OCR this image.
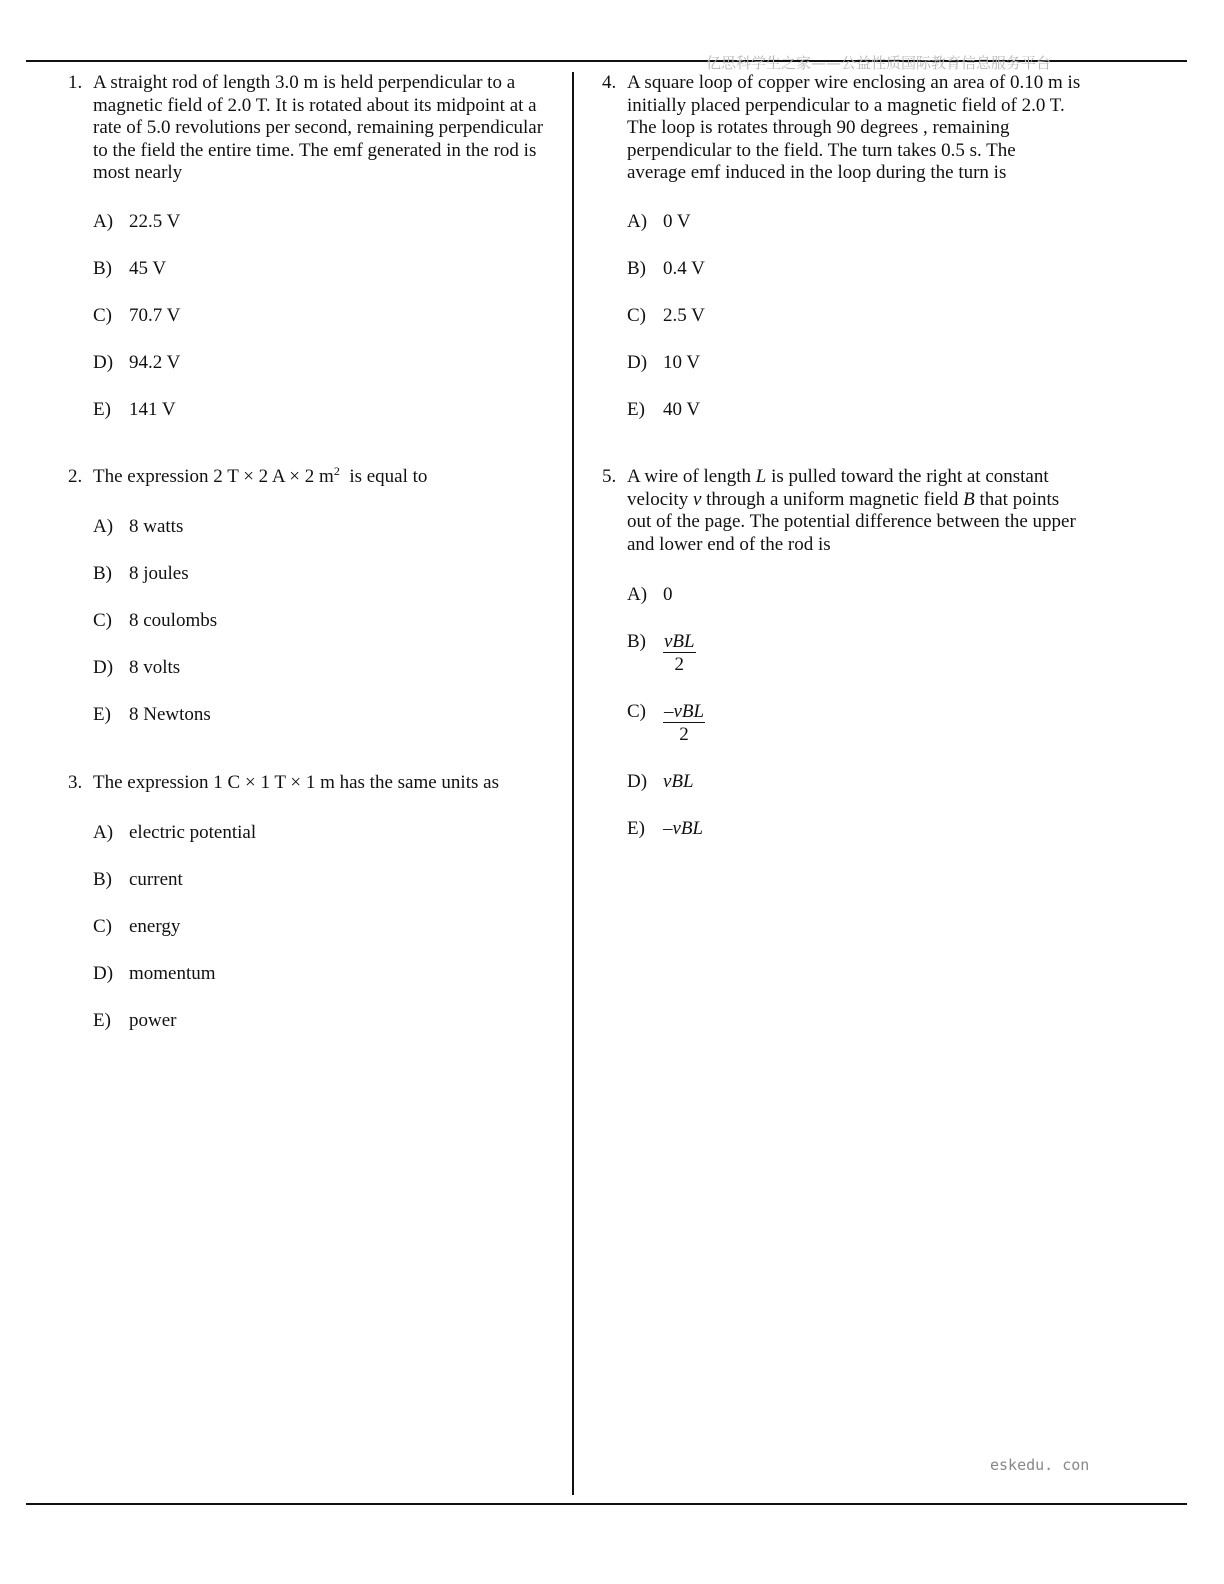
亿思科学生之家——公益性质国际教育信息服务平台
eskedu. con
1. A straight rod of length 3.0 m is held perpendicular to a
magnetic field of 2.0 T. It is rotated about its midpoint at a
rate of 5.0 revolutions per second, remaining perpendicular
to the field the entire time. The emf generated in the rod is
most nearly
A) 22.5 V
B) 45 V
C) 70.7 V
D) 94.2 V
E) 141 V
2. The expression 2 T × 2 A × 2 $m^2$  is equal to
A) 8 watts
B) 8 joules
C) 8 coulombs
D) 8 volts
E) 8 Newtons
3. The expression 1 C × 1 T × 1 m has the same units as
A) electric potential
B) current
C) energy
D) momentum
E) power
4. A square loop of copper wire enclosing an area of 0.10 m is
initially placed perpendicular to a magnetic field of 2.0 T.
The loop is rotates through 90 degrees , remaining
perpendicular to the field. The turn takes 0.5 s. The
average emf induced in the loop during the turn is
A) 0 V
B) 0.4 V
C) 2.5 V
D) 10 V
E) 40 V
5. A wire of length L is pulled toward the right at constant
velocity v through a uniform magnetic field B that points
out of the page. The potential difference between the upper
and lower end of the rod is
A) 0
$B) \frac{\text{vBL}}{2}$
$C) \frac{\text{–vBL}}{2}$
D) vBL
E) –vBL
